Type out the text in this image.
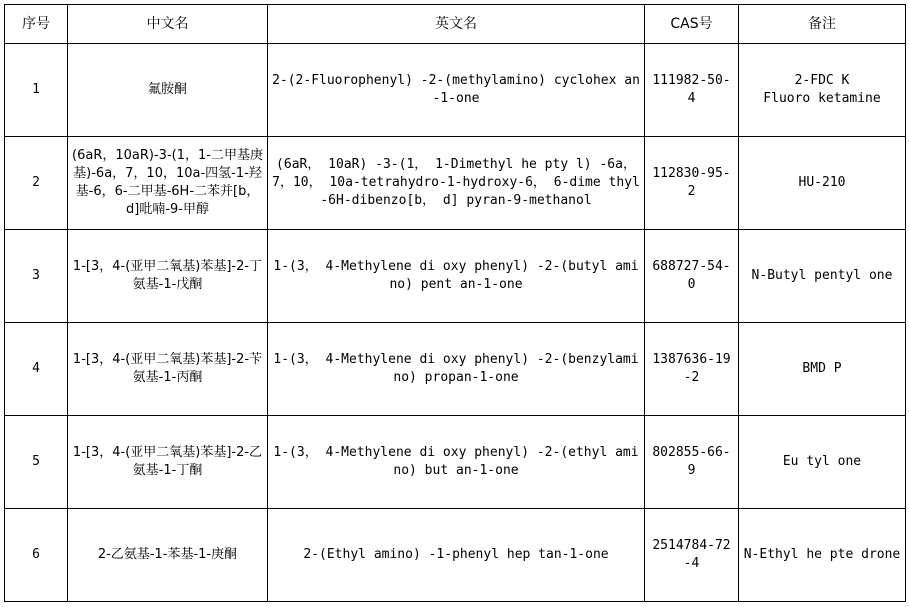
序号	中文名	英文名	CAS号	备注
1	氟胺酮	2-(2-Fluorophenyl) -2-(methylamino) cyclohex an-1-one	111982-50-4	2-FDC K
Fluoro ketamine

2	(6aR，10aR)-3-(1，1-二甲基庚基)-6a，7，10，10a-四氢-1-羟基-6，6-二甲基-6H-二苯并[b，d]吡喃-9-甲醇	(6aR， 10aR) -3-(1， 1-Dimethyl he pty l) -6a， 7，10， 10a-tetrahydro-1-hydroxy-6， 6-dime thyl-6H-dibenzo[b， d] pyran-9-methanol	112830-95-2	HU-210

3	1-[3，4-(亚甲二氧基)苯基]-2-丁氨基-1-戊酮	1-(3， 4-Methylene di oxy phenyl) -2-(butyl amino) pent an-1-one	688727-54-0	N-Butyl pentyl one

4	1-[3，4-(亚甲二氧基)苯基]-2-苄氨基-1-丙酮	1-(3， 4-Methylene di oxy phenyl) -2-(benzylamino) propan-1-one	1387636-19-2	BMD P

5	1-[3，4-(亚甲二氧基)苯基]-2-乙氨基-1-丁酮	1-(3， 4-Methylene di oxy phenyl) -2-(ethyl amino) but an-1-one	802855-66-9	Eu tyl one

6	2-乙氨基-1-苯基-1-庚酮	2-(Ethyl amino) -1-phenyl hep tan-1-one	2514784-72-4	N-Ethyl he pte drone
